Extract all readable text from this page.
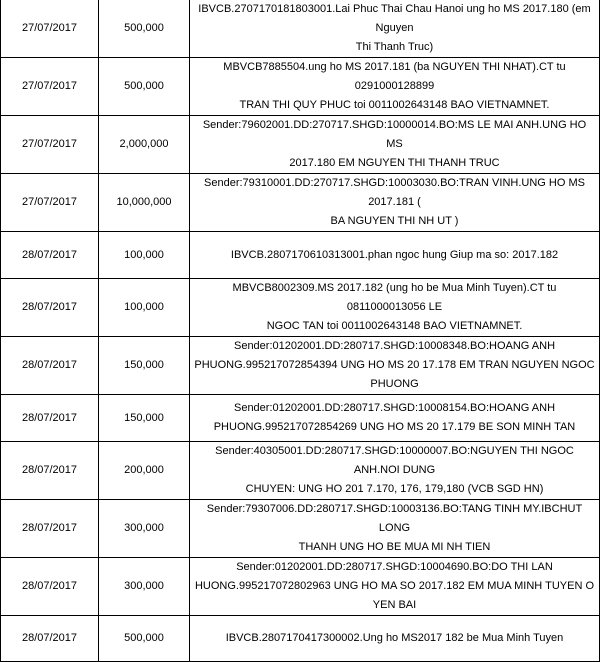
27/07/2017	500,000	IBVCB.2707170181803001.Lai Phuc Thai Chau Hanoi ung ho MS 2017.180 (em Nguyen
Thi Thanh Truc)

27/07/2017	500,000	MBVCB7885504.ung ho MS 2017.181 (ba NGUYEN THI NHAT).CT tu 0291000128899
TRAN THI QUY PHUC toi 0011002643148 BAO VIETNAMNET.

27/07/2017	2,000,000	Sender:79602001.DD:270717.SHGD:10000014.BO:MS LE MAI ANH.UNG HO MS
2017.180 EM NGUYEN THI THANH TRUC

27/07/2017	10,000,000	Sender:79310001.DD:270717.SHGD:10003030.BO:TRAN VINH.UNG HO MS 2017.181 (
BA NGUYEN THI NH UT )

28/07/2017	100,000	IBVCB.2807170610313001.phan ngoc hung Giup ma so: 2017.182

28/07/2017	100,000	MBVCB8002309.MS 2017.182 (ung ho be Mua Minh Tuyen).CT tu 0811000013056 LE
NGOC TAN toi 0011002643148 BAO VIETNAMNET.

28/07/2017	150,000	Sender:01202001.DD:280717.SHGD:10008348.BO:HOANG ANH
PHUONG.995217072854394 UNG HO MS 20 17.178 EM TRAN NGUYEN NGOC PHUONG

28/07/2017	150,000	Sender:01202001.DD:280717.SHGD:10008154.BO:HOANG ANH
PHUONG.995217072854269 UNG HO MS 20 17.179 BE SON MINH TAN

28/07/2017	200,000	Sender:40305001.DD:280717.SHGD:10000007.BO:NGUYEN THI NGOC ANH.NOI DUNG
CHUYEN: UNG HO 201 7.170, 176, 179,180 (VCB SGD HN)

28/07/2017	300,000	Sender:79307006.DD:280717.SHGD:10003136.BO:TANG TINH MY.IBCHUT LONG
THANH UNG HO BE MUA MI NH TIEN

28/07/2017	300,000	Sender:01202001.DD:280717.SHGD:10004690.BO:DO THI LAN
HUONG.995217072802963 UNG HO MA SO 2017.182 EM MUA MINH TUYEN O YEN BAI

28/07/2017	500,000	IBVCB.2807170417300002.Ung ho MS2017 182 be Mua Minh Tuyen
